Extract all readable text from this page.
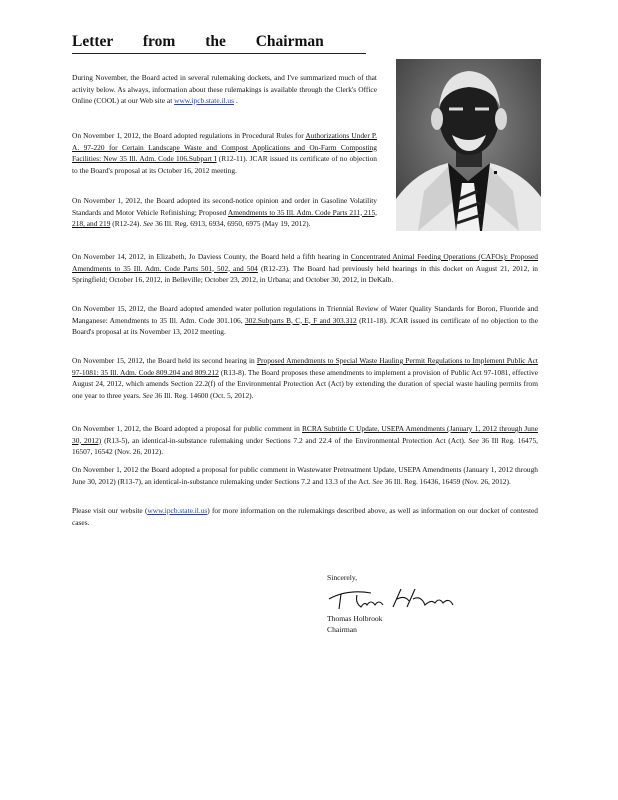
Letter from the Chairman

During November, the Board acted in several rulemaking dockets, and I've summarized much of that activity below. As always, information about these rulemakings is available through the Clerk's Office Online (COOL) at our Web site at www.ipcb.state.il.us .

On November 1, 2012, the Board adopted regulations in Procedural Rules for Authorizations Under P. A. 97-220 for Certain Landscape Waste and Compost Applications and On-Farm Composting Facilities: New 35 Ill. Adm. Code 106.Subpart I (R12-11). JCAR issued its certificate of no objection to the Board's proposal at its October 16, 2012 meeting.

On November 1, 2012, the Board adopted its second-notice opinion and order in Gasoline Volatility Standards and Motor Vehicle Refinishing; Proposed Amendments to 35 Ill. Adm. Code Parts 211, 215, 218, and 219 (R12-24). See 36 Ill. Reg. 6913, 6934, 6950, 6975 (May 19, 2012).

On November 14, 2012, in Elizabeth, Jo Daviess County, the Board held a fifth hearing in Concentrated Animal Feeding Operations (CAFOs): Proposed Amendments to 35 Ill. Adm. Code Parts 501, 502, and 504 (R12-23). The Board had previously held hearings in this docket on August 21, 2012, in Springfield; October 16, 2012, in Belleville; October 23, 2012, in Urbana; and October 30, 2012, in DeKalb.

On November 15, 2012, the Board adopted amended water pollution regulations in Triennial Review of Water Quality Standards for Boron, Fluoride and Manganese: Amendments to 35 Ill. Adm. Code 301.106, 302.Subparts B, C, E, F and 303.312 (R11-18). JCAR issued its certificate of no objection to the Board's proposal at its November 13, 2012 meeting.

On November 15, 2012, the Board held its second hearing in Proposed Amendments to Special Waste Hauling Permit Regulations to Implement Public Act 97-1081: 35 Ill. Adm. Code 809.204 and 809.212 (R13-8). The Board proposes these amendments to implement a provision of Public Act 97-1081, effective August 24, 2012, which amends Section 22.2(f) of the Environmental Protection Act (Act) by extending the duration of special waste hauling permits from one year to three years. See 36 Ill. Reg. 14600 (Oct. 5, 2012).

On November 1, 2012, the Board adopted a proposal for public comment in RCRA Subtitle C Update, USEPA Amendments (January 1, 2012 through June 30, 2012) (R13-5), an identical-in-substance rulemaking under Sections 7.2 and 22.4 of the Environmental Protection Act (Act). See 36 Ill Reg. 16475, 16507, 16542 (Nov. 26, 2012).

On November 1, 2012 the Board adopted a proposal for public comment in Wastewater Pretreatment Update, USEPA Amendments (January 1, 2012 through June 30, 2012) (R13-7), an identical-in-substance rulemaking under Sections 7.2 and 13.3 of the Act. See 36 Ill. Reg. 16436, 16459 (Nov. 26, 2012).

Please visit our website (www.ipcb.state.il.us) for more information on the rulemakings described above, as well as information on our docket of contested cases.

Sincerely,
Thomas Holbrook
Chairman
